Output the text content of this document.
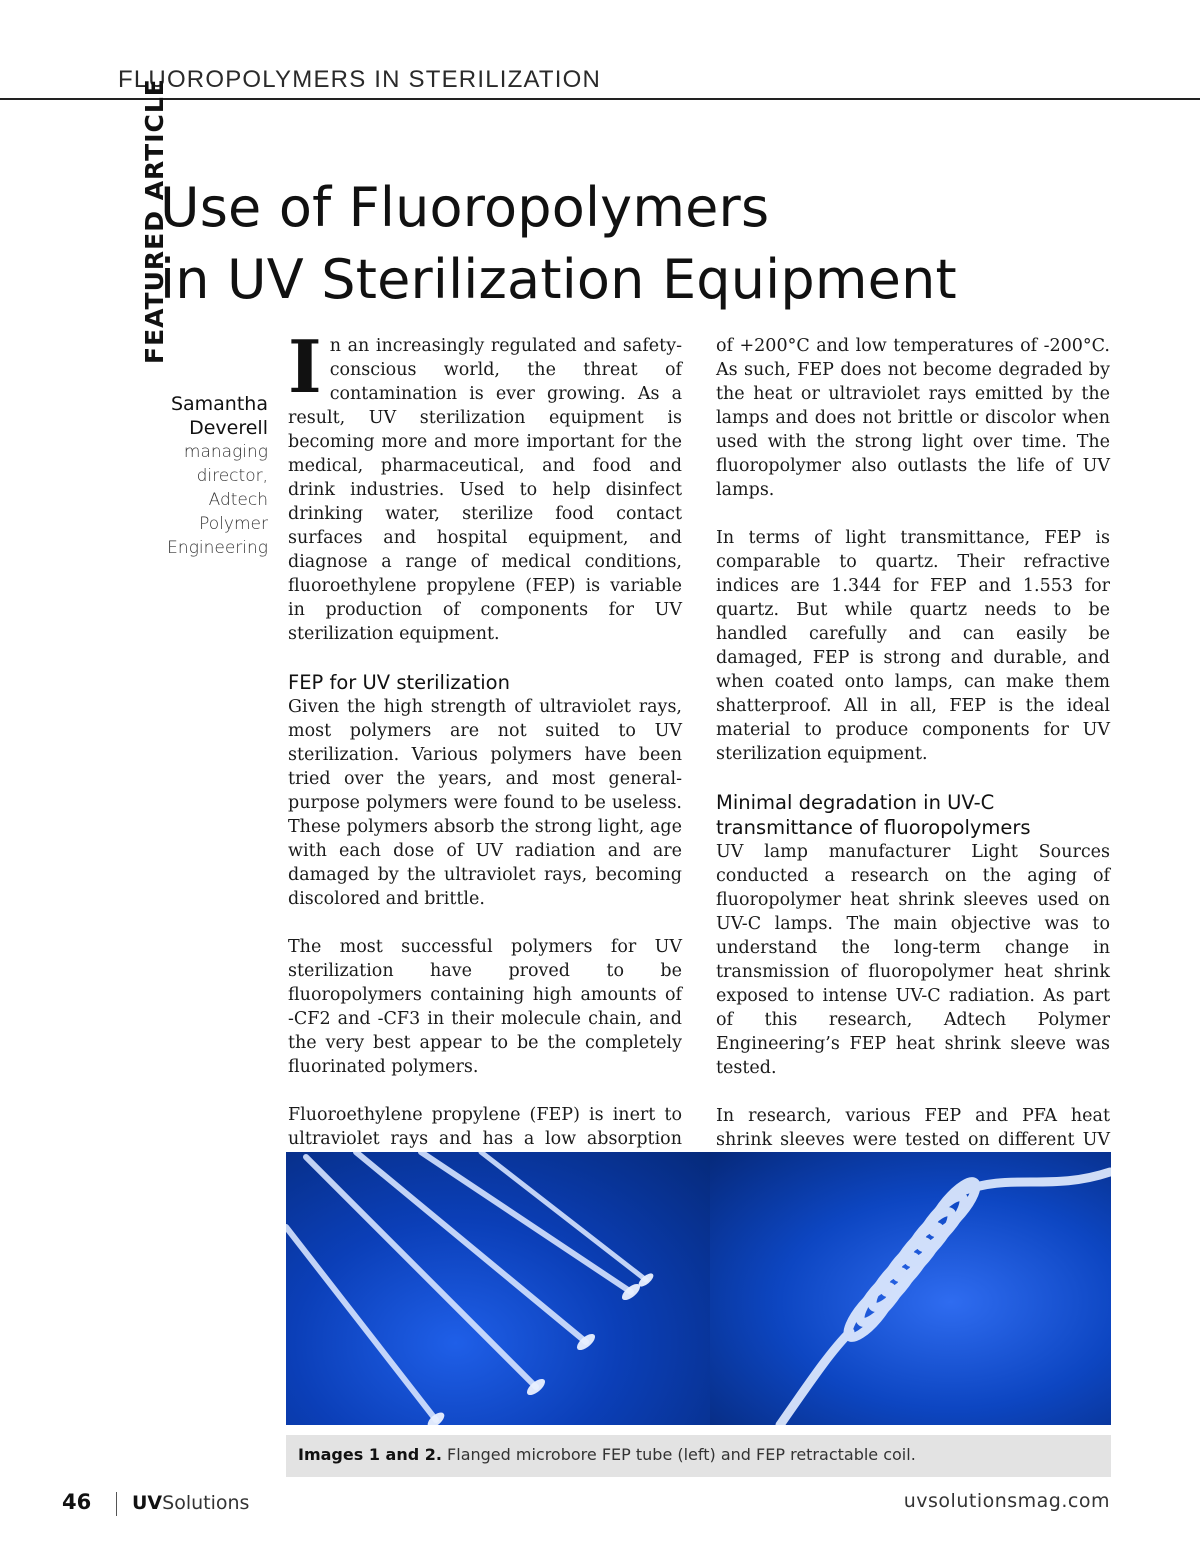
FLUOROPOLYMERS IN STERILIZATION
FEATURED ARTICLE
Use of Fluoropolymers
in UV Sterilization Equipment
Samantha
Deverell
managing
director,
Adtech
Polymer
Engineering

In an increasingly regulated and safety-conscious world, the threat of contamination is ever growing. As a result, UV sterilization equipment is becoming more and more important for the medical, pharmaceutical, and food and drink industries. Used to help disinfect drinking water, sterilize food contact surfaces and hospital equipment, and diagnose a range of medical conditions, fluoroethylene propylene (FEP) is variable in production of components for UV sterilization equipment.

FEP for UV sterilization

Given the high strength of ultraviolet rays, most polymers are not suited to UV sterilization. Various polymers have been tried over the years, and most general-purpose polymers were found to be useless. These polymers absorb the strong light, age with each dose of UV radiation and are damaged by the ultraviolet rays, becoming discolored and brittle.

The most successful polymers for UV sterilization have proved to be fluoropolymers containing high amounts of -CF2 and -CF3 in their molecule chain, and the very best appear to be the completely fluorinated polymers.

Fluoroethylene propylene (FEP) is inert to ultraviolet rays and has a low absorption

of +200°C and low temperatures of -200°C. As such, FEP does not become degraded by the heat or ultraviolet rays emitted by the lamps and does not brittle or discolor when used with the strong light over time. The fluoropolymer also outlasts the life of UV lamps.

In terms of light transmittance, FEP is comparable to quartz. Their refractive indices are 1.344 for FEP and 1.553 for quartz. But while quartz needs to be handled carefully and can easily be damaged, FEP is strong and durable, and when coated onto lamps, can make them shatterproof. All in all, FEP is the ideal material to produce components for UV sterilization equipment.

Minimal degradation in UV-C transmittance of fluoropolymers

UV lamp manufacturer Light Sources conducted a research on the aging of fluoropolymer heat shrink sleeves used on UV-C lamps. The main objective was to understand the long-term change in transmission of fluoropolymer heat shrink exposed to intense UV-C radiation. As part of this research, Adtech Polymer Engineering’s FEP heat shrink sleeve was tested.

In research, various FEP and PFA heat shrink sleeves were tested on different UV

Images 1 and 2. Flanged microbore FEP tube (left) and FEP retractable coil.
46 UVSolutions	uvsolutionsmag.com
